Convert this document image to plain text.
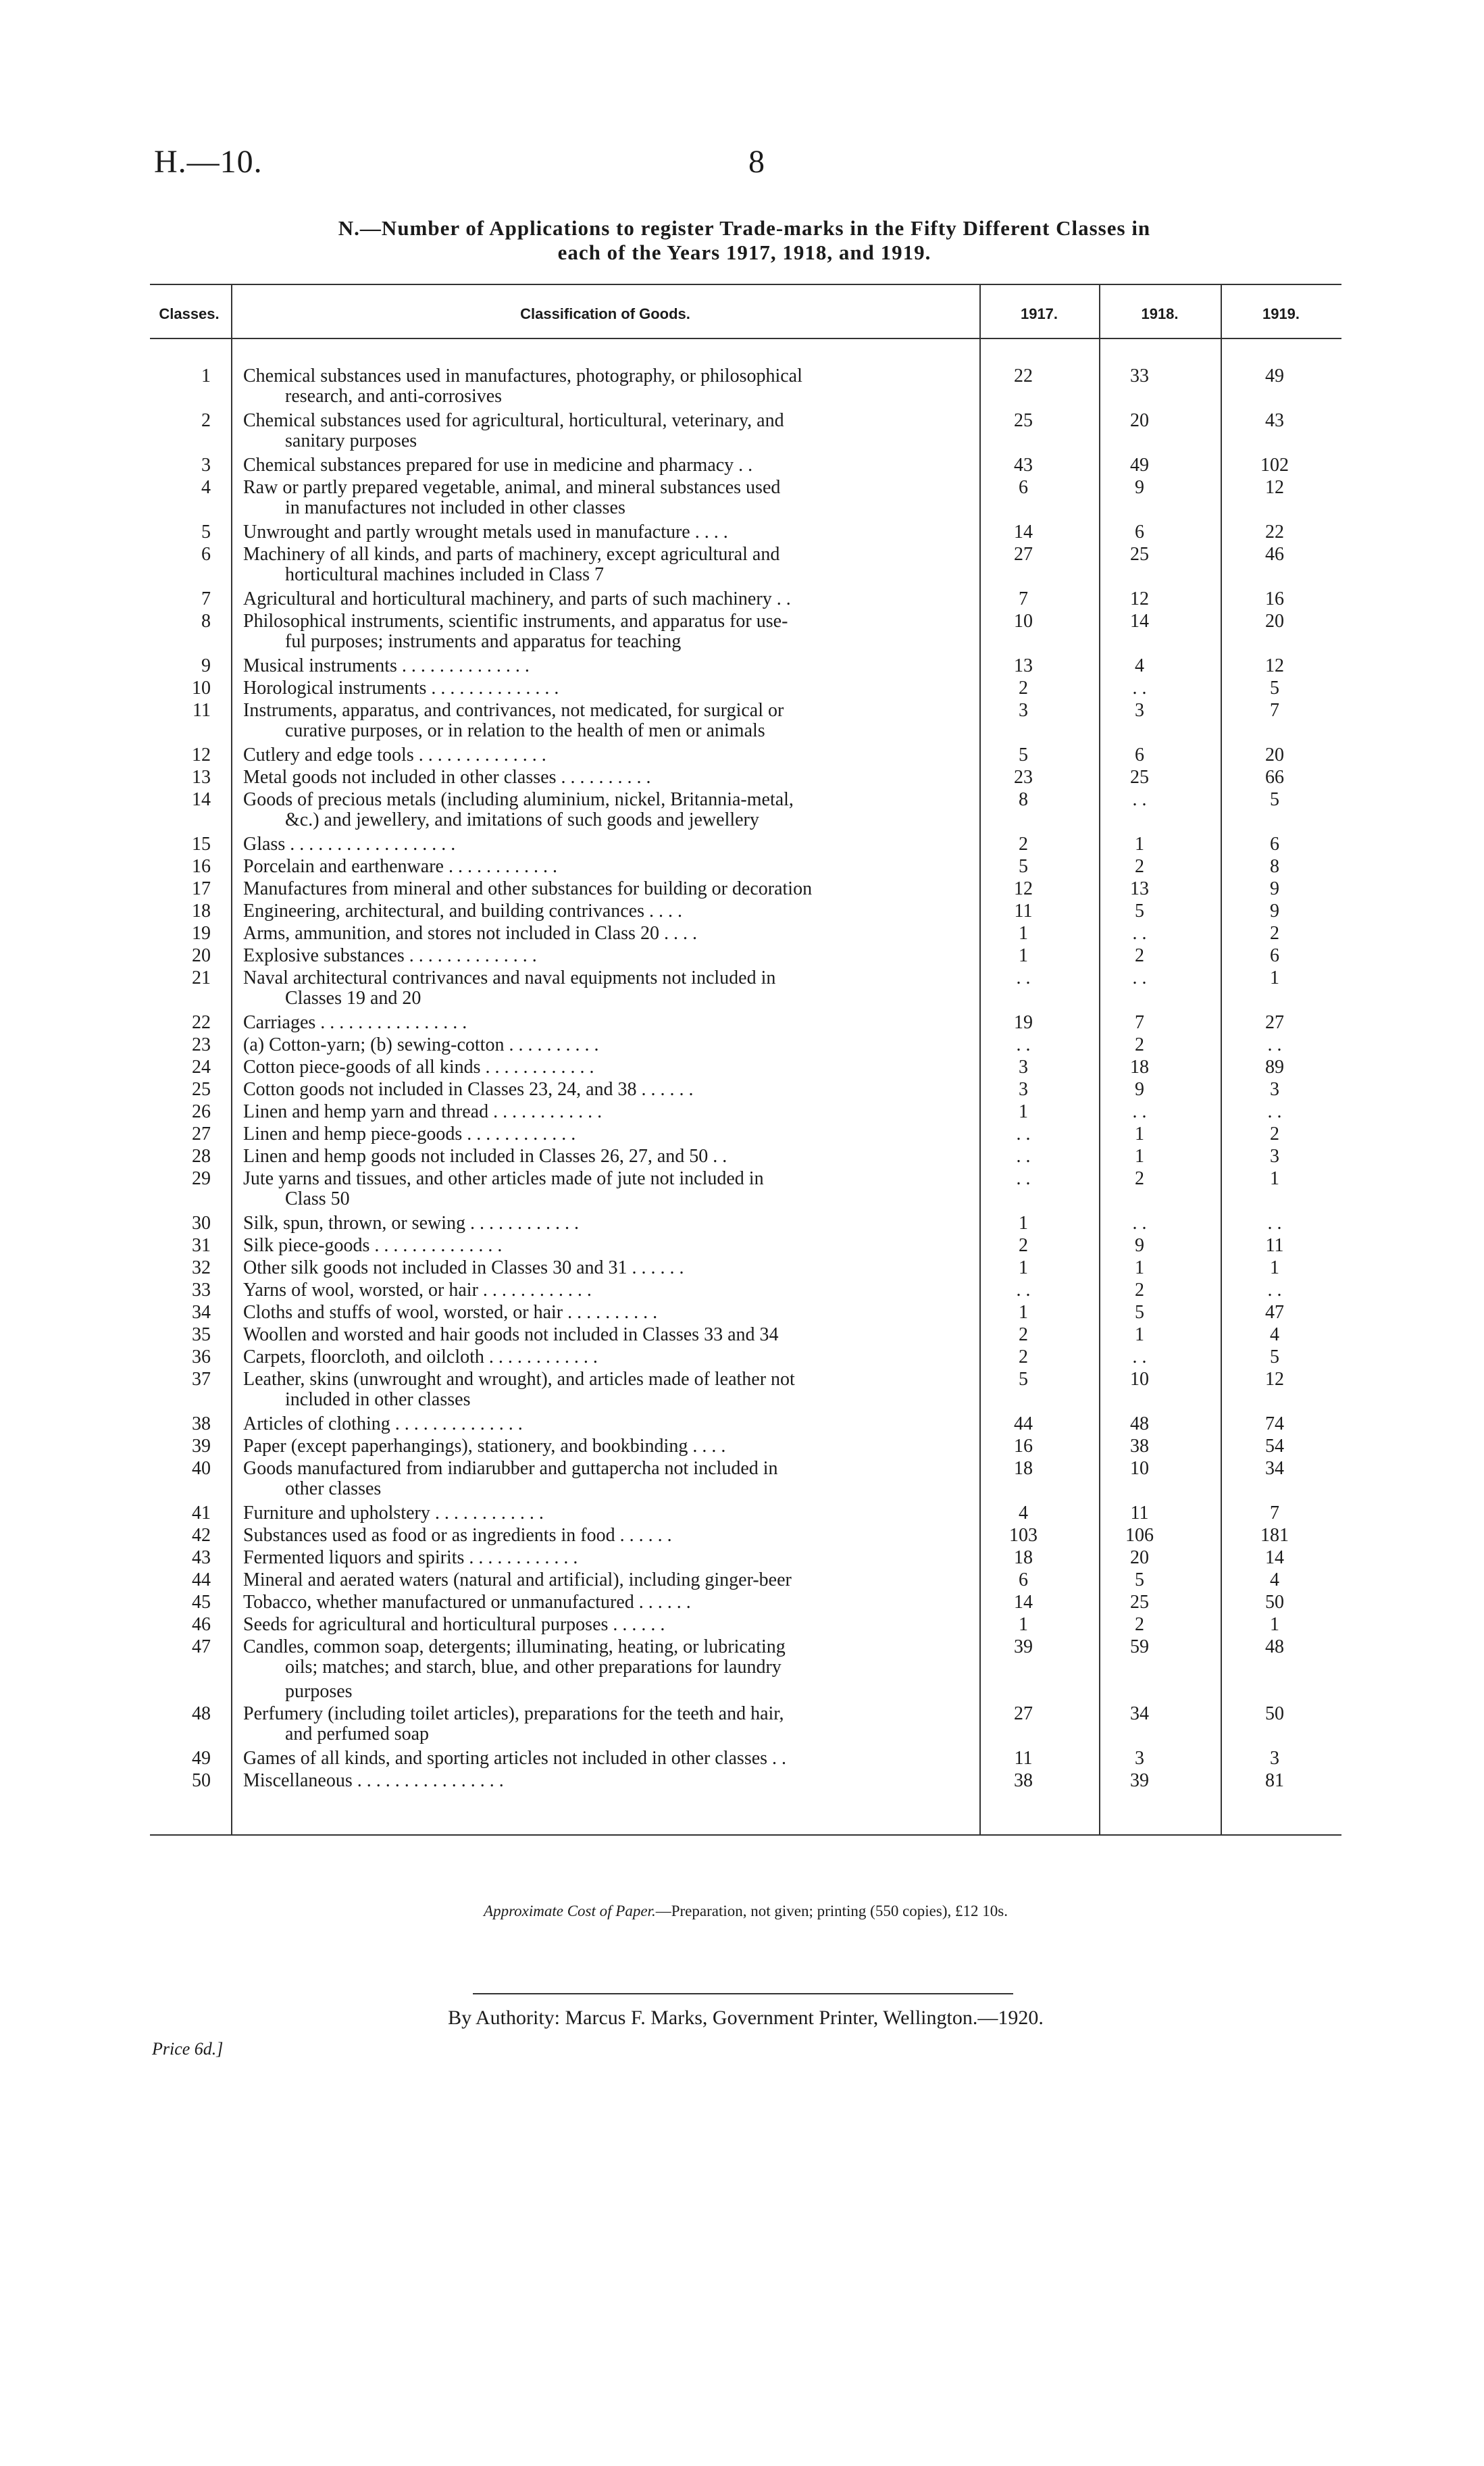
H.—10.	8
N.—Number of Applications to register Trade-marks in the Fifty Different Classes in
each of the Years 1917, 1918, and 1919.
Classes.	Classification of Goods.	1917.	1918.	1919.
1 Chemical substances used in manufactures, photography, or philosophical
research, and anti-corrosives
22	33	49
2 Chemical substances used for agricultural, horticultural, veterinary, and
sanitary purposes
25	20	43
3 Chemical substances prepared for use in medicine and pharmacy . .	43	49	102
4 Raw or partly prepared vegetable, animal, and mineral substances used
in manufactures not included in other classes
6	9	12
5 Unwrought and partly wrought metals used in manufacture . . . .	14	6	22
6 Machinery of all kinds, and parts of machinery, except agricultural and
horticultural machines included in Class 7
27	25	46
7 Agricultural and horticultural machinery, and parts of such machinery . .	7	12	16
8 Philosophical instruments, scientific instruments, and apparatus for use-
ful purposes; instruments and apparatus for teaching
10	14	20
9 Musical instruments . . . . . . . . . . . . . .	13	4	12
10 Horological instruments . . . . . . . . . . . . . .	2	. .	5
11 Instruments, apparatus, and contrivances, not medicated, for surgical or
curative purposes, or in relation to the health of men or animals
3	3	7
12 Cutlery and edge tools . . . . . . . . . . . . . .	5	6	20
13 Metal goods not included in other classes . . . . . . . . . .	23	25	66
14 Goods of precious metals (including aluminium, nickel, Britannia-metal,
&c.) and jewellery, and imitations of such goods and jewellery
8	. .	5
15 Glass . . . . . . . . . . . . . . . . . .	2	1	6
16 Porcelain and earthenware . . . . . . . . . . . .	5	2	8
17 Manufactures from mineral and other substances for building or decoration	12	13	9
18 Engineering, architectural, and building contrivances . . . .	11	5	9
19 Arms, ammunition, and stores not included in Class 20 . . . .	1	. .	2
20 Explosive substances . . . . . . . . . . . . . .	1	2	6
21 Naval architectural contrivances and naval equipments not included in
Classes 19 and 20
. .	. .	1
22 Carriages . . . . . . . . . . . . . . . .	19	7	27
23 (a) Cotton-yarn; (b) sewing-cotton . . . . . . . . . .	. .	2	. .
24 Cotton piece-goods of all kinds . . . . . . . . . . . .	3	18	89
25 Cotton goods not included in Classes 23, 24, and 38 . . . . . .	3	9	3
26 Linen and hemp yarn and thread . . . . . . . . . . . .	1	. .	. .
27 Linen and hemp piece-goods . . . . . . . . . . . .	. .	1	2
28 Linen and hemp goods not included in Classes 26, 27, and 50 . .	. .	1	3
29 Jute yarns and tissues, and other articles made of jute not included in
Class 50
. .	2	1
30 Silk, spun, thrown, or sewing . . . . . . . . . . . .	1	. .	. .
31 Silk piece-goods . . . . . . . . . . . . . .	2	9	11
32 Other silk goods not included in Classes 30 and 31 . . . . . .	1	1	1
33 Yarns of wool, worsted, or hair . . . . . . . . . . . .	. .	2	. .
34 Cloths and stuffs of wool, worsted, or hair . . . . . . . . . .	1	5	47
35 Woollen and worsted and hair goods not included in Classes 33 and 34	2	1	4
36 Carpets, floorcloth, and oilcloth . . . . . . . . . . . .	2	. .	5
37 Leather, skins (unwrought and wrought), and articles made of leather not
included in other classes
5	10	12
38 Articles of clothing . . . . . . . . . . . . . .	44	48	74
39 Paper (except paperhangings), stationery, and bookbinding . . . .	16	38	54
40 Goods manufactured from indiarubber and guttapercha not included in
other classes
18	10	34
41 Furniture and upholstery . . . . . . . . . . . .	4	11	7
42 Substances used as food or as ingredients in food . . . . . .	103	106	181
43 Fermented liquors and spirits . . . . . . . . . . . .	18	20	14
44 Mineral and aerated waters (natural and artificial), including ginger-beer	6	5	4
45 Tobacco, whether manufactured or unmanufactured . . . . . .	14	25	50
46 Seeds for agricultural and horticultural purposes . . . . . .	1	2	1
47 Candles, common soap, detergents; illuminating, heating, or lubricating
oils; matches; and starch, blue, and other preparations for laundry
purposes
39	59	48
48 Perfumery (including toilet articles), preparations for the teeth and hair,
and perfumed soap
27	34	50
49 Games of all kinds, and sporting articles not included in other classes . .	11	3	3
50 Miscellaneous . . . . . . . . . . . . . . . .	38	39	81
Approximate Cost of Paper.—Preparation, not given; printing (550 copies), £12 10s.
By Authority: Marcus F. Marks, Government Printer, Wellington.—1920.
Price 6d.]
